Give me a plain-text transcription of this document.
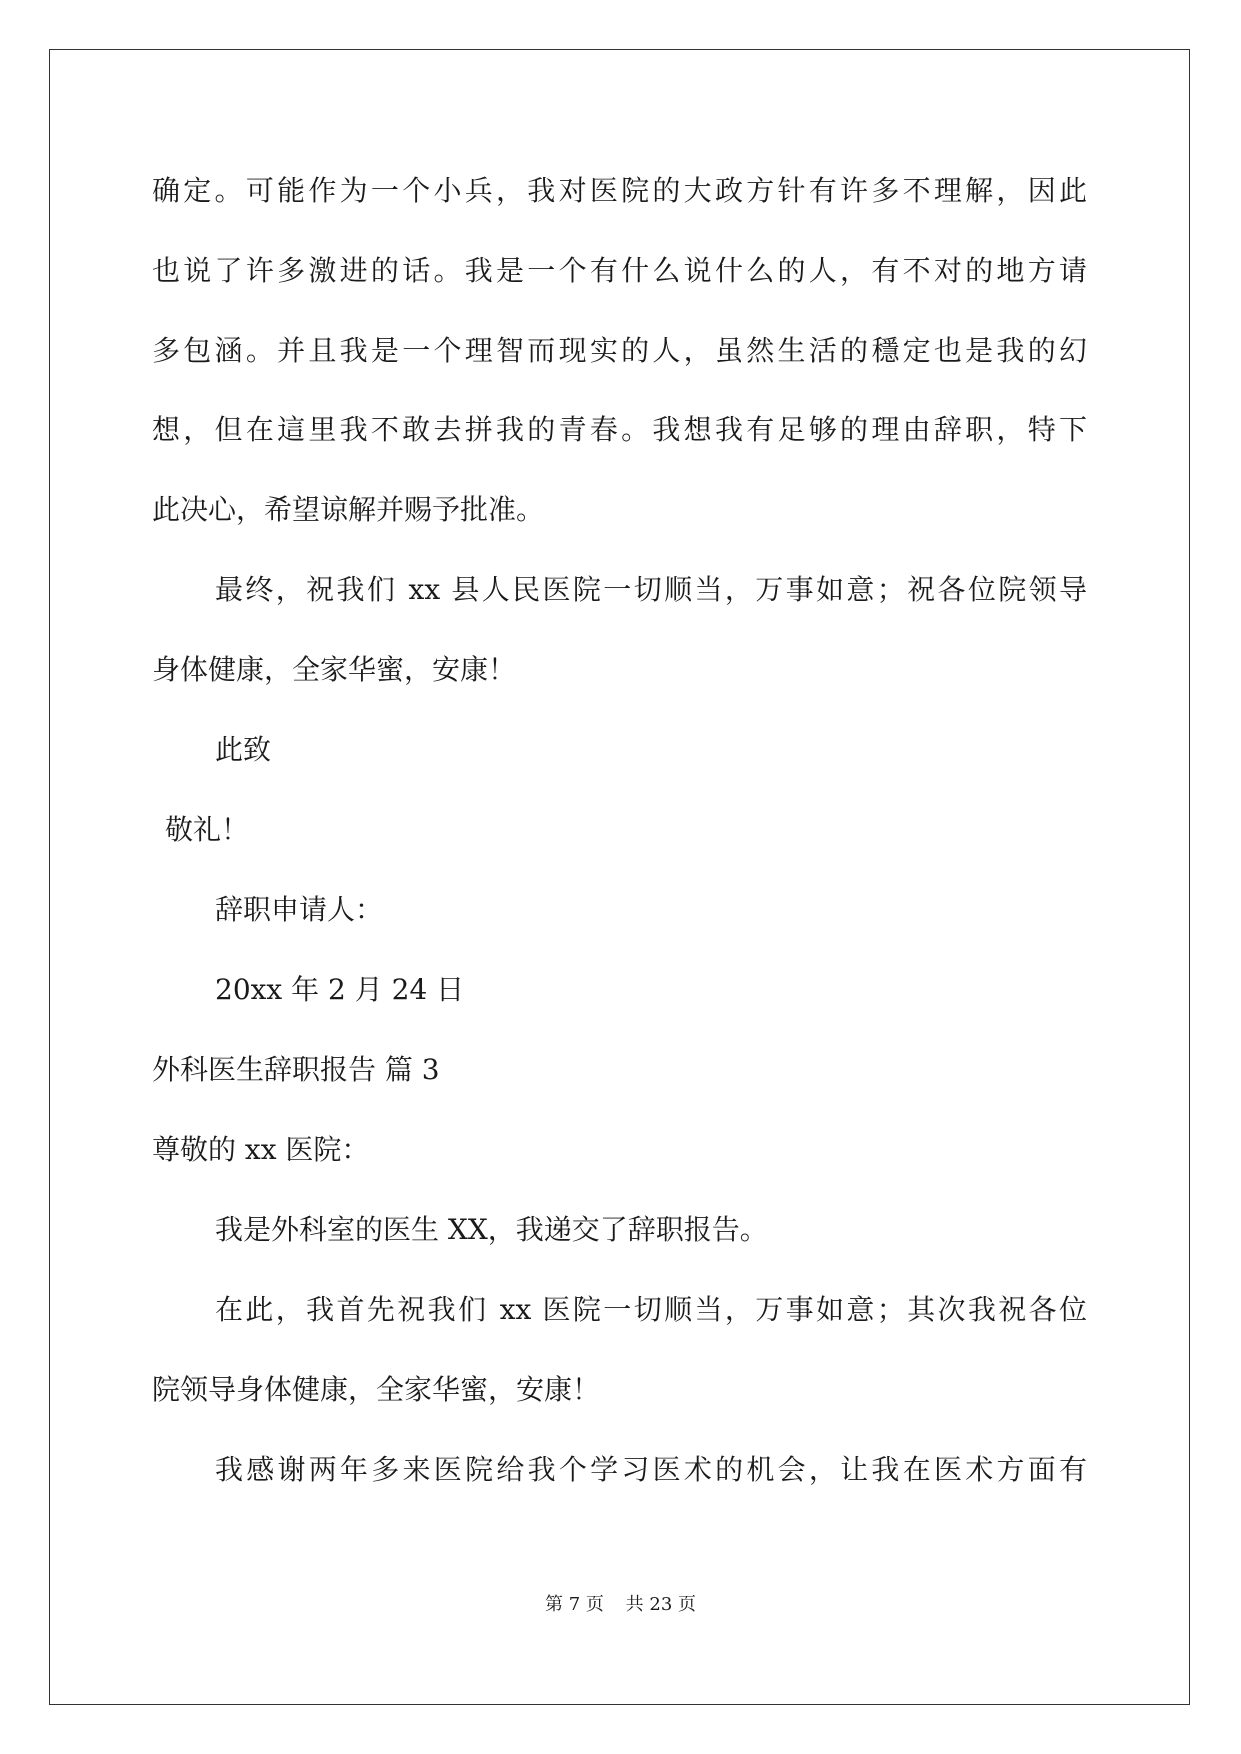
确定。可能作为一个小兵，我对医院的大政方针有许多不理解，因此
也说了许多激进的话。我是一个有什么说什么的人，有不对的地方请
多包涵。并且我是一个理智而现实的人，虽然生活的穩定也是我的幻
想，但在這里我不敢去拼我的青春。我想我有足够的理由辞职，特下
此决心，希望谅解并赐予批准。
最终，祝我们 xx 县人民医院一切顺当，万事如意；祝各位院领导
身体健康，全家华蜜，安康！
此致
敬礼！
辞职申请人：
20xx 年 2 月 24 日
外科医生辞职报告 篇 3
尊敬的 xx 医院：
我是外科室的医生 XX，我递交了辞职报告。
在此，我首先祝我们 xx 医院一切顺当，万事如意；其次我祝各位
院领导身体健康，全家华蜜，安康！
我感谢两年多来医院给我个学习医术的机会，让我在医术方面有
第 7 页 共 23 页
